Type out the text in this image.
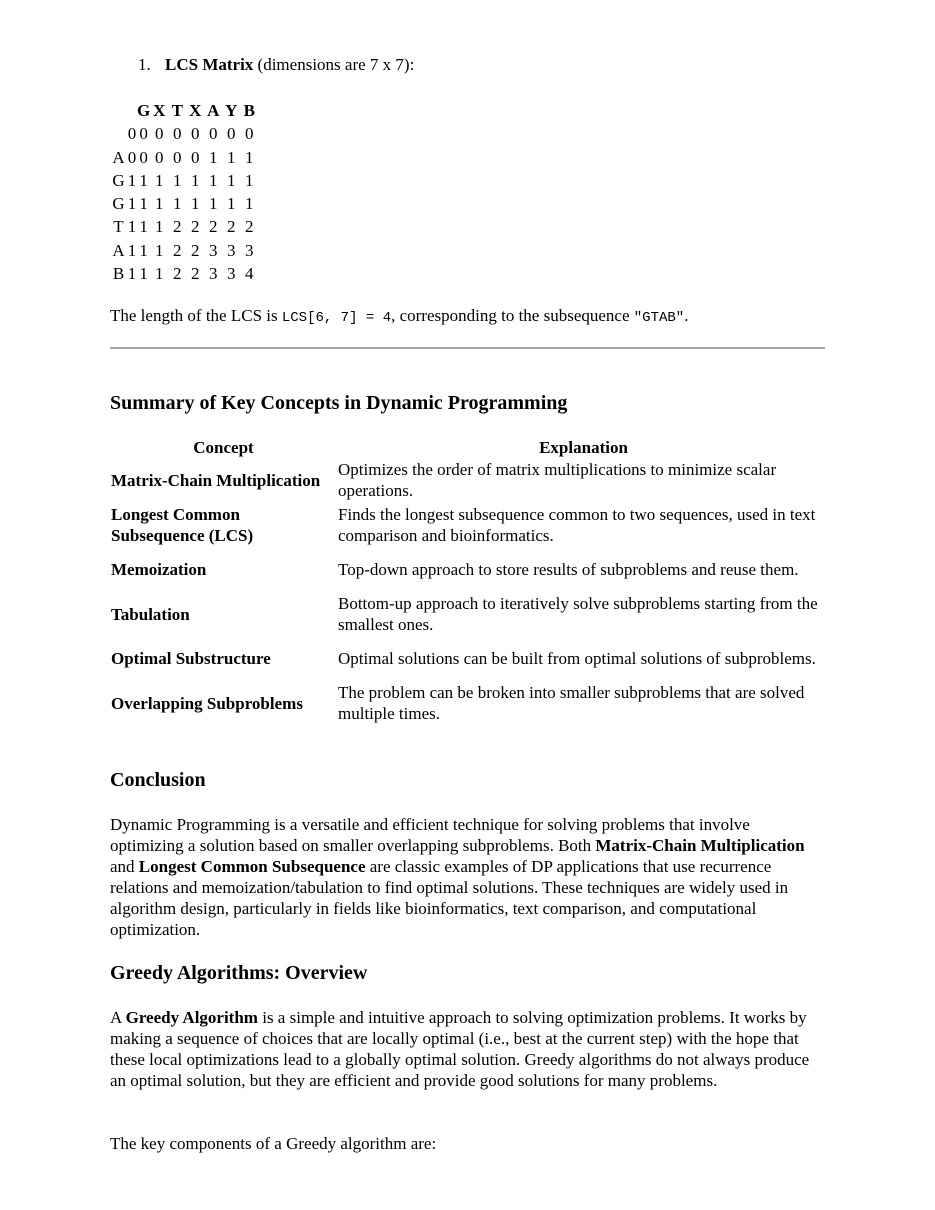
1. LCS Matrix (dimensions are 7 x 7):
		G	X	T	X	A	Y	B
	0	0	0	0	0	0	0	0
A	0	0	0	0	0	1	1	1
G	1	1	1	1	1	1	1	1
G	1	1	1	1	1	1	1	1
T	1	1	1	2	2	2	2	2
A	1	1	1	2	2	3	3	3
B	1	1	1	2	2	3	3	4
The length of the LCS is LCS[6, 7] = 4, corresponding to the subsequence "GTAB".
Summary of Key Concepts in Dynamic Programming
Concept	Explanation
Matrix-Chain Multiplication	Optimizes the order of matrix multiplications to minimize scalar operations.
Longest Common Subsequence (LCS)	Finds the longest subsequence common to two sequences, used in text comparison and bioinformatics.
Memoization	Top-down approach to store results of subproblems and reuse them.
Tabulation	Bottom-up approach to iteratively solve subproblems starting from the smallest ones.
Optimal Substructure	Optimal solutions can be built from optimal solutions of subproblems.
Overlapping Subproblems	The problem can be broken into smaller subproblems that are solved multiple times.
Conclusion

Dynamic Programming is a versatile and efficient technique for solving problems that involve optimizing a solution based on smaller overlapping subproblems. Both Matrix-Chain Multiplication and Longest Common Subsequence are classic examples of DP applications that use recurrence relations and memoization/tabulation to find optimal solutions. These techniques are widely used in algorithm design, particularly in fields like bioinformatics, text comparison, and computational optimization.

Greedy Algorithms: Overview

A Greedy Algorithm is a simple and intuitive approach to solving optimization problems. It works by making a sequence of choices that are locally optimal (i.e., best at the current step) with the hope that these local optimizations lead to a globally optimal solution. Greedy algorithms do not always produce an optimal solution, but they are efficient and provide good solutions for many problems.

The key components of a Greedy algorithm are:
